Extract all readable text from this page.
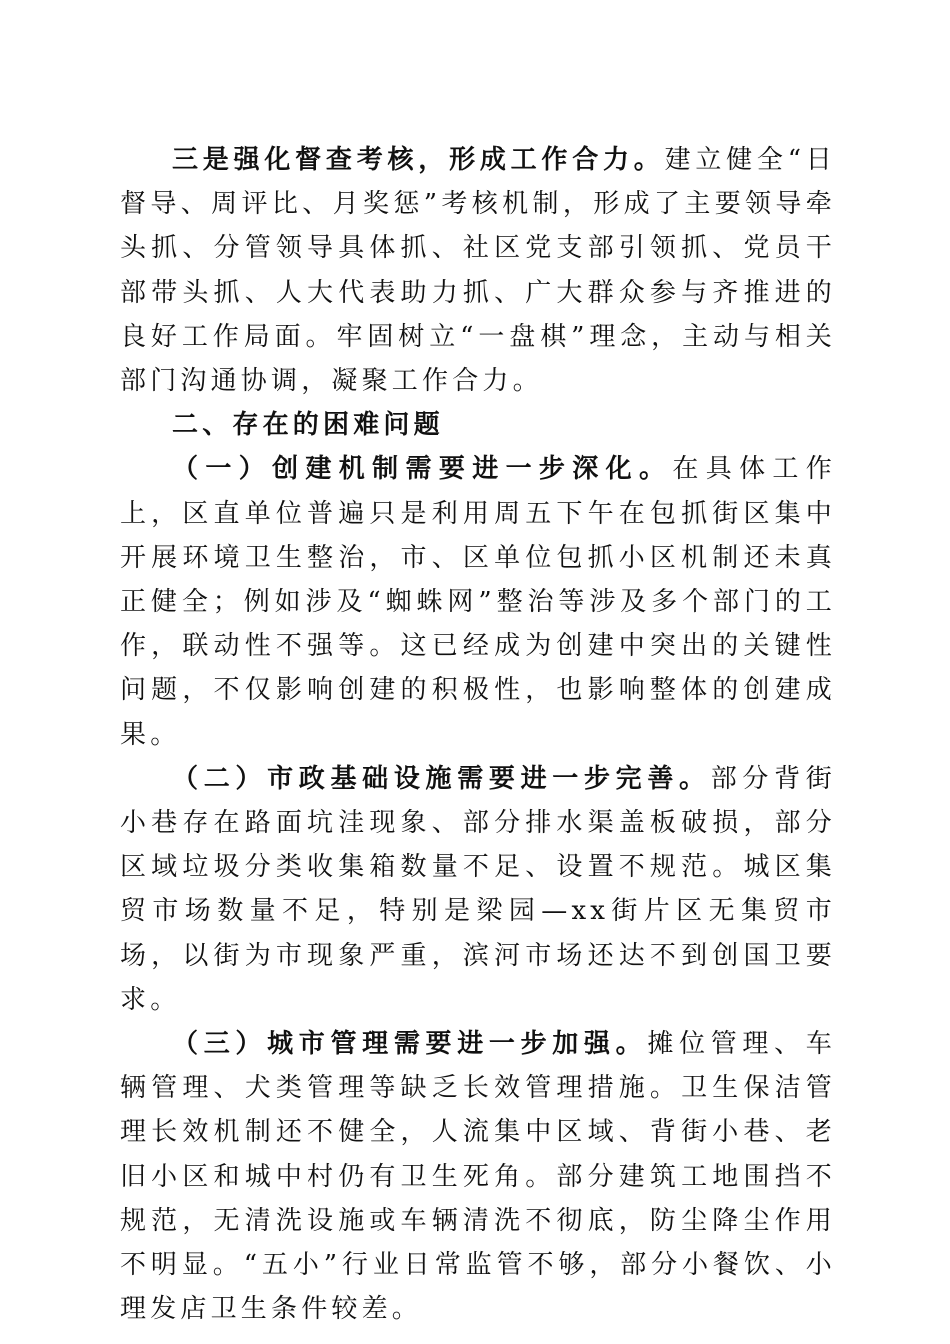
三是强化督查考核，形成工作合力。建立健全“日督导、周评比、月奖惩”考核机制，形成了主要领导牵头抓、分管领导具体抓、社区党支部引领抓、党员干部带头抓、人大代表助力抓、广大群众参与齐推进的良好工作局面。牢固树立“一盘棋”理念，主动与相关部门沟通协调，凝聚工作合力。

二、存在的困难问题

（一）创建机制需要进一步深化。在具体工作上，区直单位普遍只是利用周五下午在包抓街区集中开展环境卫生整治，市、区单位包抓小区机制还未真正健全；例如涉及“蜘蛛网”整治等涉及多个部门的工作，联动性不强等。这已经成为创建中突出的关键性问题，不仅影响创建的积极性，也影响整体的创建成果。

（二）市政基础设施需要进一步完善。部分背街小巷存在路面坑洼现象、部分排水渠盖板破损，部分区域垃圾分类收集箱数量不足、设置不规范。城区集贸市场数量不足，特别是梁园—xx街片区无集贸市场，以街为市现象严重，滨河市场还达不到创国卫要求。

（三）城市管理需要进一步加强。摊位管理、车辆管理、犬类管理等缺乏长效管理措施。卫生保洁管理长效机制还不健全，人流集中区域、背街小巷、老旧小区和城中村仍有卫生死角。部分建筑工地围挡不规范，无清洗设施或车辆清洗不彻底，防尘降尘作用不明显。“五小”行业日常监管不够，部分小餐饮、小理发店卫生条件较差。
